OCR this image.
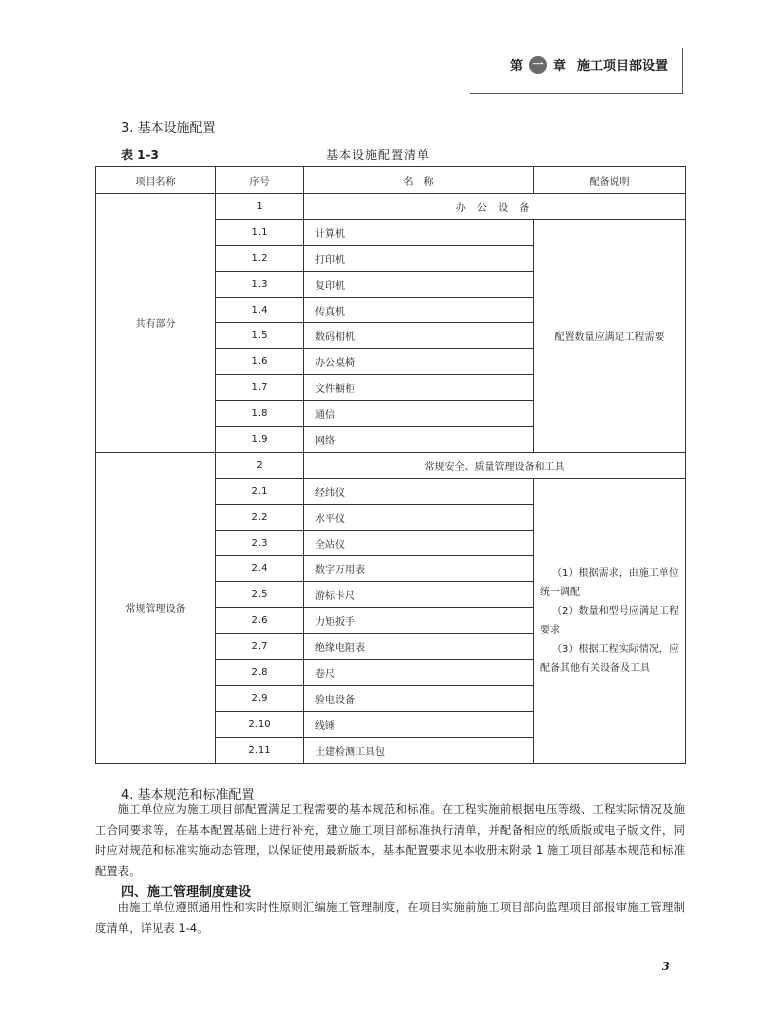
第 一 章 施工项目部设置
3. 基本设施配置
表 1-3	基本设施配置清单
项目名称	序号	名　称	配备说明
共有部分	1	办 公 设 备	
	1.1	计算机	配置数量应满足工程需要
	1.2	打印机	
	1.3	复印机	
	1.4	传真机	
	1.5	数码相机	
	1.6	办公桌椅	
	1.7	文件橱柜	
	1.8	通信	
	1.9	网络	
常规管理设备	2	常规安全、质量管理设备和工具	
	2.1	经纬仪	（1）根据需求，由施工单位统一调配

（2）数量和型号应满足工程要求

（3）根据工程实际情况，应配备其他有关设备及工具

	2.2	水平仪	
	2.3	全站仪	
	2.4	数字万用表	
	2.5	游标卡尺	
	2.6	力矩扳手	
	2.7	绝缘电阻表	
	2.8	卷尺	
	2.9	验电设备	
	2.10	线锤	
	2.11	土建检测工具包	
4. 基本规范和标准配置
施工单位应为施工项目部配置满足工程需要的基本规范和标准。在工程实施前根据电压等级、工程实际情况及施工合同要求等，在基本配置基础上进行补充，建立施工项目部标准执行清单，并配备相应的纸质版或电子版文件，同时应对规范和标准实施动态管理，以保证使用最新版本，基本配置要求见本收册末附录 1 施工项目部基本规范和标准配置表。
四、施工管理制度建设
由施工单位遵照通用性和实时性原则汇编施工管理制度，在项目实施前施工项目部向监理项目部报审施工管理制度清单，详见表 1-4。
3
